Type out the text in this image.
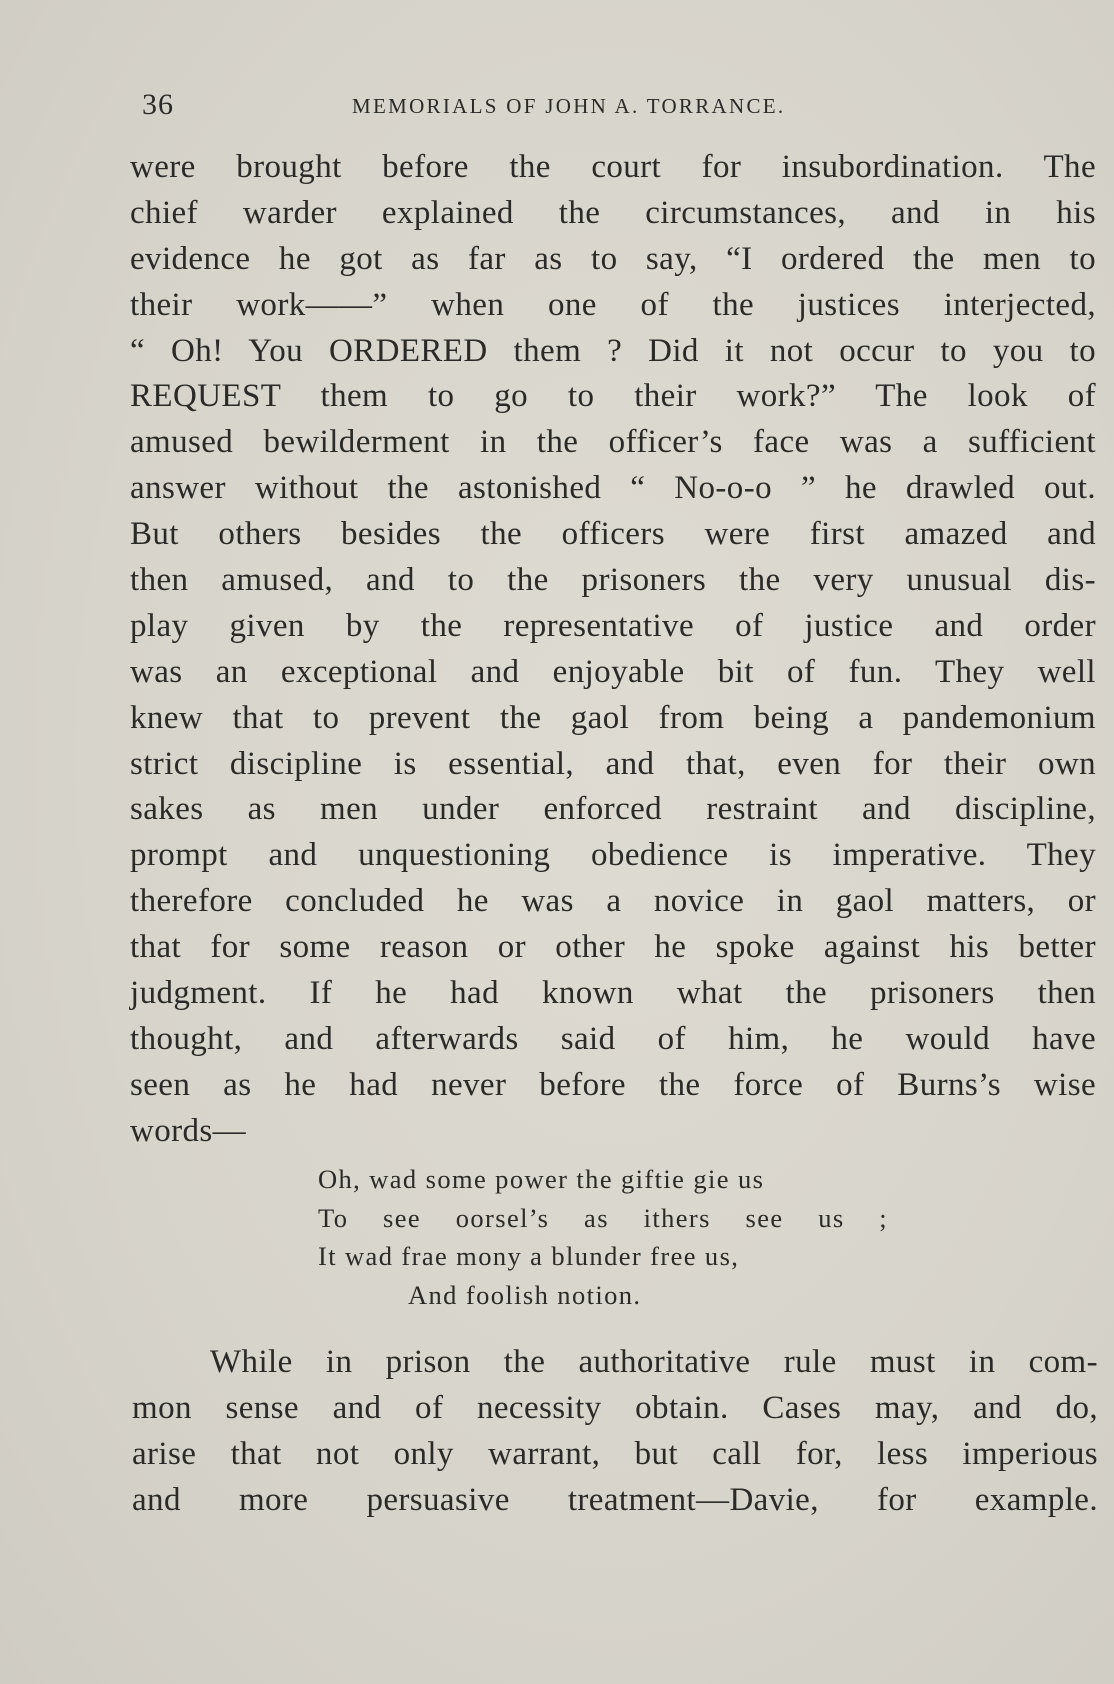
36	MEMORIALS OF JOHN A. TORRANCE.
were brought before the court for insubordination. The
chief warder explained the circumstances, and in his
evidence he got as far as to say, “I ordered the men to
their work——” when one of the justices interjected,
“ Oh! You ORDERED them ? Did it not occur to you to
REQUEST them to go to their work?” The look of
amused bewilderment in the officer’s face was a sufficient
answer without the astonished “ No-o-o ” he drawled out.
But others besides the officers were first amazed and
then amused, and to the prisoners the very unusual dis-
play given by the representative of justice and order
was an exceptional and enjoyable bit of fun. They well
knew that to prevent the gaol from being a pandemonium
strict discipline is essential, and that, even for their own
sakes as men under enforced restraint and discipline,
prompt and unquestioning obedience is imperative. They
therefore concluded he was a novice in gaol matters, or
that for some reason or other he spoke against his better
judgment. If he had known what the prisoners then
thought, and afterwards said of him, he would have
seen as he had never before the force of Burns’s wise
words—
Oh, wad some power the giftie gie us
To see oorsel’s as ithers see us ;
It wad frae mony a blunder free us,
And foolish notion.
While in prison the authoritative rule must in com-
mon sense and of necessity obtain. Cases may, and do,
arise that not only warrant, but call for, less imperious
and more persuasive treatment—Davie, for example.
